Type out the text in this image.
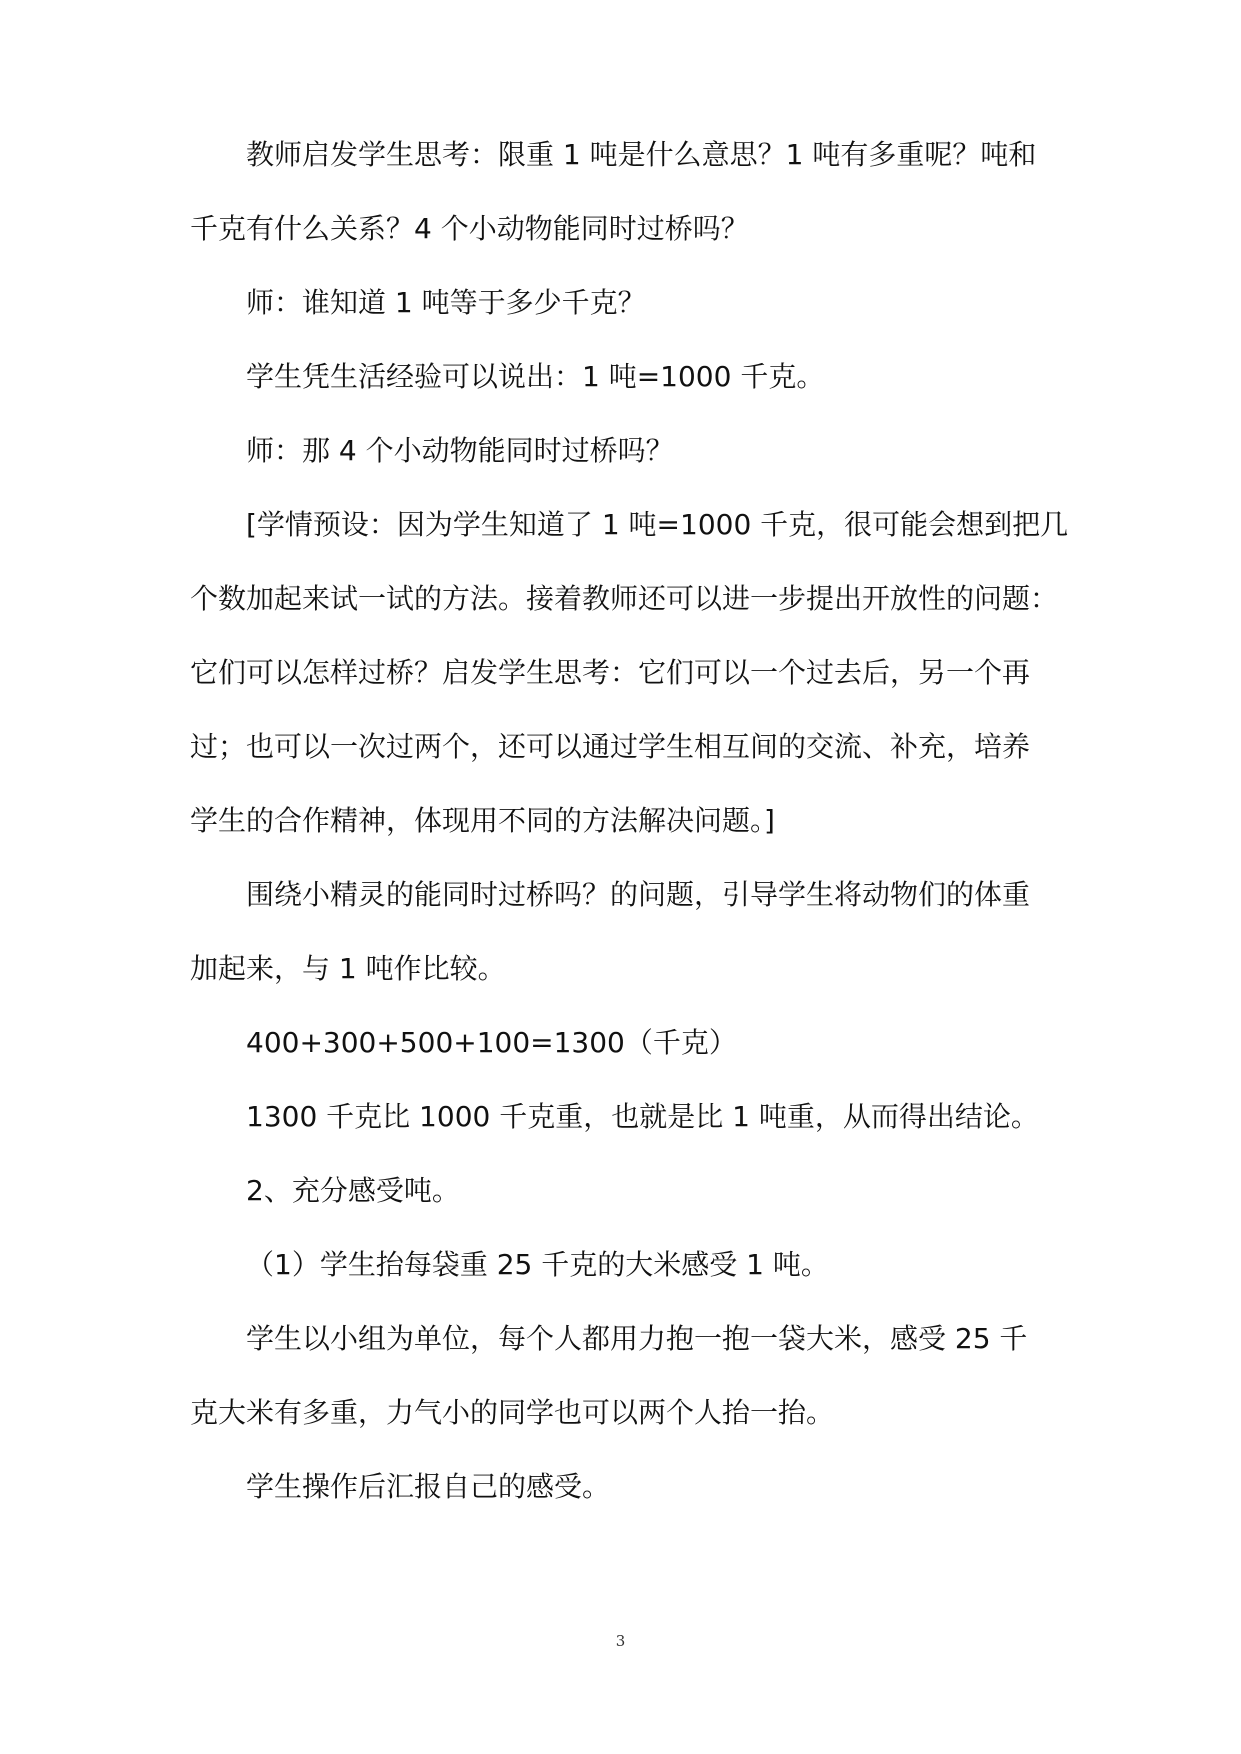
教师启发学生思考：限重 1 吨是什么意思？1 吨有多重呢？吨和
千克有什么关系？4 个小动物能同时过桥吗？
师：谁知道 1 吨等于多少千克？
学生凭生活经验可以说出：1 吨=1000 千克。
师：那 4 个小动物能同时过桥吗？
[学情预设：因为学生知道了 1 吨=1000 千克，很可能会想到把几
个数加起来试一试的方法。接着教师还可以进一步提出开放性的问题：
它们可以怎样过桥？启发学生思考：它们可以一个过去后，另一个再
过；也可以一次过两个，还可以通过学生相互间的交流、补充，培养
学生的合作精神，体现用不同的方法解决问题。]
围绕小精灵的能同时过桥吗？的问题，引导学生将动物们的体重
加起来，与 1 吨作比较。
400+300+500+100=1300（千克）
1300 千克比 1000 千克重，也就是比 1 吨重，从而得出结论。
2、充分感受吨。
（1）学生抬每袋重 25 千克的大米感受 1 吨。
学生以小组为单位，每个人都用力抱一抱一袋大米，感受 25 千
克大米有多重，力气小的同学也可以两个人抬一抬。
学生操作后汇报自己的感受。
3
